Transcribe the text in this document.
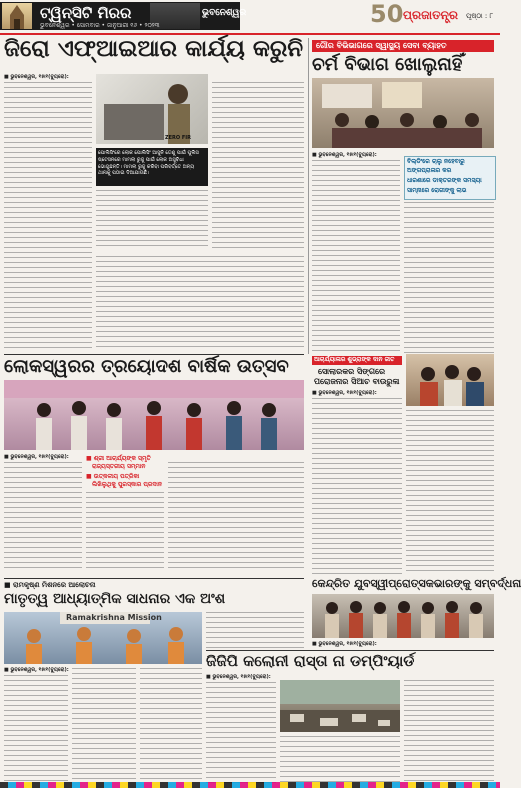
ଟ୍ୱିନ୍‌ସିଟି ମିରର	ଭୁବନେଶ୍ୱର
ଭୁବନେଶ୍ୱର • ସୋମବାର • ଜାନୁଆରୀ ୧୬ • ୨୦୨୩	50 ପ୍ରଜାତନ୍ତ୍ର ପୃଷ୍ଠା : ୮
ଜିରୋ ଏଫ୍‌ଆଇଆର କାର୍ଯ୍ୟ କରୁନି
■ ଭୁବନେଶ୍ୱର, ୧୫ା୧(ବ୍ୟୁରୋ):
ZERO FIR
ପୋଲିସିଂରେ ଲୋକ ପୋଲିସିଂ ଆସୁନି ତେଣୁ ପାଇଁ ପୁଲିସ ଷ୍ଟେସନରେ ମାମଲା ରୁଜୁ ପାଇଁ ଲୋକ ଅସୁବିଧା ଭୋଗୁଛନ୍ତି। ମାମଲା ରୁଜୁ କରିବା ପରିବର୍ତ୍ତେ ଅନ୍ୟ ଥାନାକୁ ପଠାଇ ଦିଆଯାଉଛି।
ଗୌର ବିଭିଭାଗରେ ସ୍ୱାସ୍ଥ୍ୟ ସେବା ବ୍ୟାହତ
ଚର୍ମ ବିଭାଗ ଖୋଲୁନାହିଁ
■ ଭୁବନେଶ୍ୱର, ୧୫ା୧(ବ୍ୟୁରୋ):
ବିଲ୍ଡିଂରେ ଚାଲୁ ନହେବାରୁ
ଅଙ୍ଗପ୍ରାଳାର କର
ଧାରଣାରେ ଡାକ୍ତରଙ୍କ ସମସ୍ୟା
ସାମ୍ନାରେ ରୋଗୀଙ୍କୁ ଲାଭ
ଲୋକସ୍ୱରର ତ୍ରୟୋଦଶ ବାର୍ଷିକ ଉତ୍ସବ
■ ଭୁବନେଶ୍ୱର, ୧୫ା୧(ବ୍ୟୁରୋ):	■ ଶ୍ରୀ ଆଚାର୍ଯ୍ୟଙ୍କ ସ୍ମୃତି
ରାଜ୍ୟସ୍ତରୀୟ ସମ୍ମାନ
■ ଉତ୍କଳୀୟ ପତ୍ରିକା
ଲିଖିଲୁଥିକୁ ପୁରସ୍କାର ପ୍ରଦାନ
ଆଚାର୍ଯ୍ୟାଳାର ଶୁଭ୍ରାଙ୍କ ଦାନ ଜୀତ
ସୋଲାରକର ସିଙ୍ଗରେ
ପରୋଜନାର ସିଆଚ ବାଉରୁଳା
■ ଭୁବନେଶ୍ୱର, ୧୫ା୧(ବ୍ୟୁରୋ):
କେନ୍ଦ୍ରିତ ଯୁବସ୍ୱୀପ୍ରୋତ୍ସକଭାରଙ୍କୁ ସମ୍ବର୍ଦ୍ଧନା
■ ଭୁବନେଶ୍ୱର, ୧୫ା୧(ବ୍ୟୁରୋ):
■ ରାମକୃଷ୍ଣ ମିଶନରେ ଆଲୋଚନା
ମାତୃତ୍ୱ ଆଧ୍ୟାତ୍ମିକ ସାଧନାର ଏକ ଅଂଶ
Ramakrishna Mission
■ ଭୁବନେଶ୍ୱର, ୧୫ା୧(ବ୍ୟୁରୋ):	ଜିଜିପି କଲୋନୀ ରାସ୍ତା ନା ଡମ୍ପିଂୟାର୍ଡ
■ ଭୁବନେଶ୍ୱର, ୧୫ା୧(ବ୍ୟୁରୋ):
